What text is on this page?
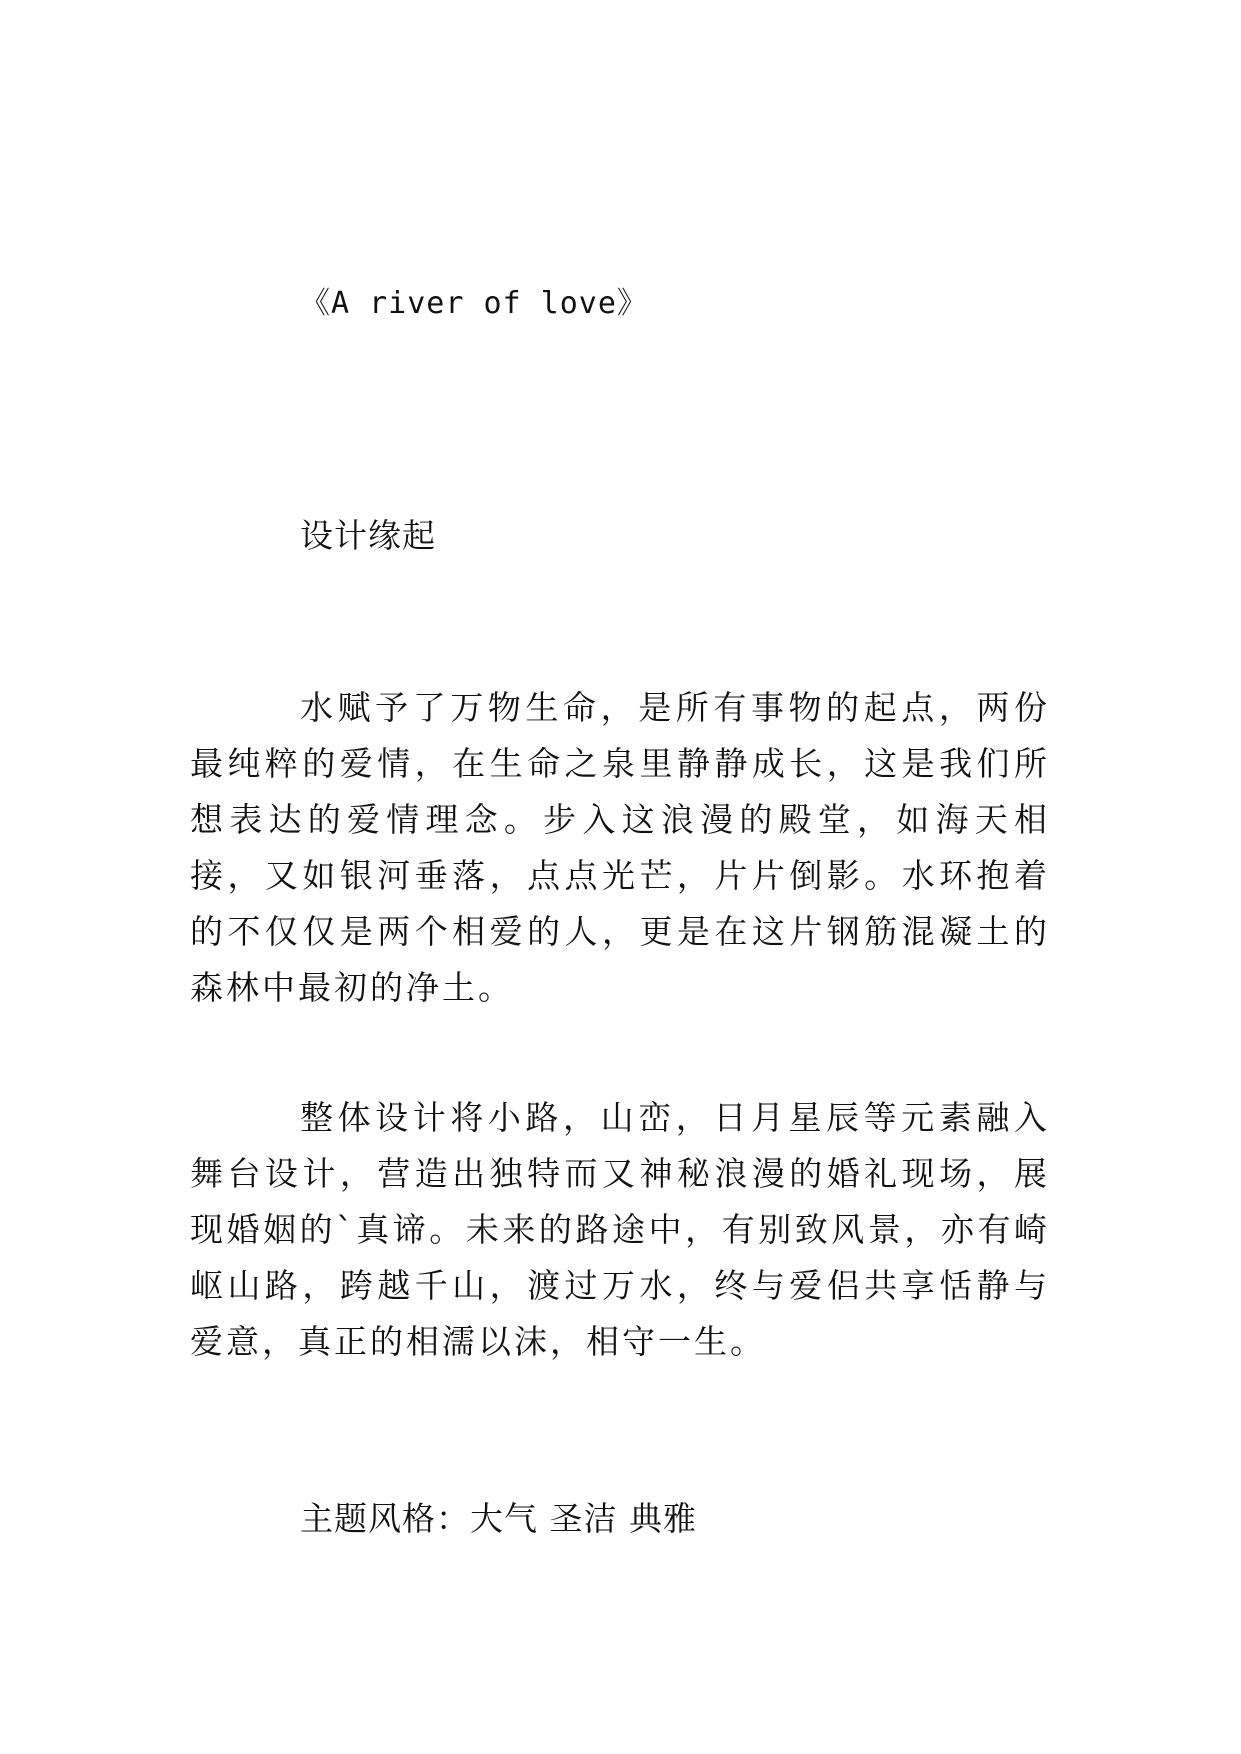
《A river of love》
设计缘起

水赋予了万物生命，是所有事物的起点，两份最纯粹的爱情，在生命之泉里静静成长，这是我们所想表达的爱情理念。步入这浪漫的殿堂，如海天相接，又如银河垂落，点点光芒，片片倒影。水环抱着的不仅仅是两个相爱的人，更是在这片钢筋混凝土的森林中最初的净土。

整体设计将小路，山峦，日月星辰等元素融入舞台设计，营造出独特而又神秘浪漫的婚礼现场，展现婚姻的`真谛。未来的路途中，有别致风景，亦有崎岖山路，跨越千山，渡过万水，终与爱侣共享恬静与爱意，真正的相濡以沫，相守一生。

主题风格：大气 圣洁 典雅
